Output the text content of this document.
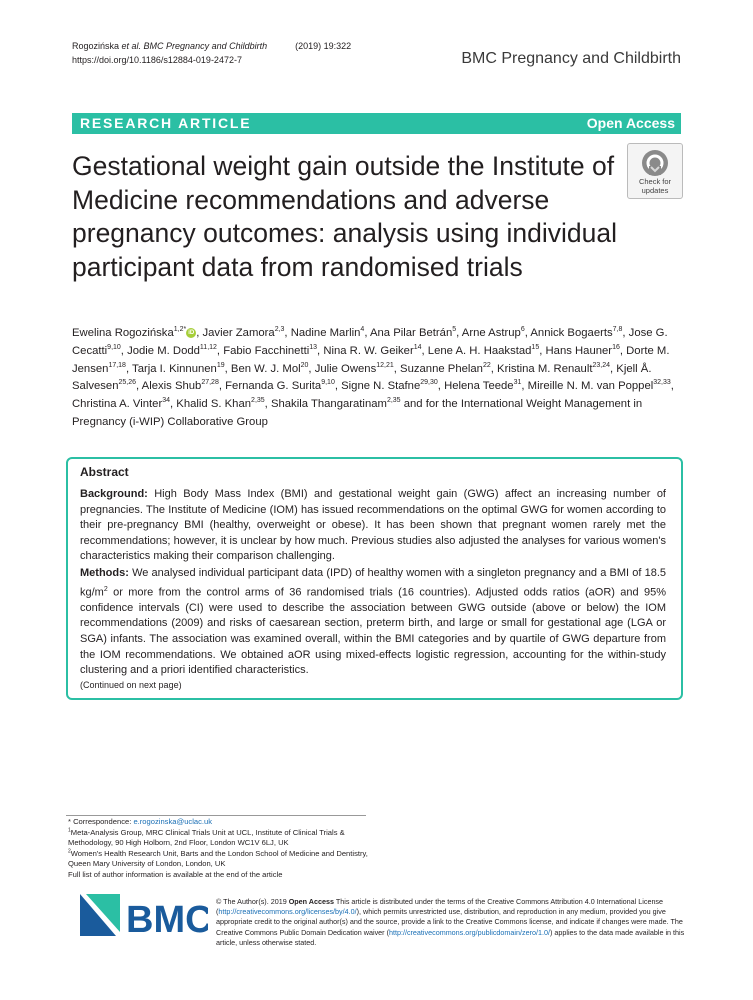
Rogozińska et al. BMC Pregnancy and Childbirth	(2019) 19:322
https://doi.org/10.1186/s12884-019-2472-7	BMC Pregnancy and Childbirth
RESEARCH ARTICLE	Open Access
Gestational weight gain outside the Institute of Medicine recommendations and adverse pregnancy outcomes: analysis using individual participant data from randomised trials
Check for
updates
Ewelina Rogozińska$^{1,2*}$ iD , Javier Zamora$^{2,3}$, Nadine Marlin$^4$, Ana Pilar Betrán$^5$, Arne Astrup$^6$, Annick Bogaerts$^{7,8}$, Jose G. Cecatti$^{9,10}$, Jodie M. Dodd$^{11,12}$, Fabio Facchinetti$^{13}$, Nina R. W. Geiker$^{14}$, Lene A. H. Haakstad$^{15}$, Hans Hauner$^{16}$, Dorte M. Jensen$^{17,18}$, Tarja I. Kinnunen$^{19}$, Ben W. J. Mol$^{20}$, Julie Owens$^{12,21}$, Suzanne Phelan$^{22}$, Kristina M. Renault$^{23,24}$, Kjell Å. Salvesen$^{25,26}$, Alexis Shub$^{27,28}$, Fernanda G. Surita$^{9,10}$, Signe N. Stafne$^{29,30}$, Helena Teede$^{31}$, Mireille N. M. van Poppel$^{32,33}$, Christina A. Vinter$^{34}$, Khalid S. Khan$^{2,35}$, Shakila Thangaratinam$^{2,35}$ and for the International Weight Management in Pregnancy (i-WIP) Collaborative Group
Abstract
Background: High Body Mass Index (BMI) and gestational weight gain (GWG) affect an increasing number of pregnancies. The Institute of Medicine (IOM) has issued recommendations on the optimal GWG for women according to their pre-pregnancy BMI (healthy, overweight or obese). It has been shown that pregnant women rarely met the recommendations; however, it is unclear by how much. Previous studies also adjusted the analyses for various women's characteristics making their comparison challenging.
Methods: We analysed individual participant data (IPD) of healthy women with a singleton pregnancy and a BMI of 18.5 $kg/m^2$ or more from the control arms of 36 randomised trials (16 countries). Adjusted odds ratios (aOR) and 95% confidence intervals (CI) were used to describe the association between GWG outside (above or below) the IOM recommendations (2009) and risks of caesarean section, preterm birth, and large or small for gestational age (LGA or SGA) infants. The association was examined overall, within the BMI categories and by quartile of GWG departure from the IOM recommendations. We obtained aOR using mixed-effects logistic regression, accounting for the within-study clustering and a priori identified characteristics.
(Continued on next page)
* Correspondence: e.rogozinska@uclac.uk
$^1$Meta-Analysis Group, MRC Clinical Trials Unit at UCL, Institute of Clinical Trials & Methodology, 90 High Holborn, 2nd Floor, London WC1V 6LJ, UK
$^2$Women's Health Research Unit, Barts and the London School of Medicine and Dentistry, Queen Mary University of London, London, UK
Full list of author information is available at the end of the article
BMC © The Author(s). 2019 Open Access This article is distributed under the terms of the Creative Commons Attribution 4.0 International License (http://creativecommons.org/licenses/by/4.0/), which permits unrestricted use, distribution, and reproduction in any medium, provided you give appropriate credit to the original author(s) and the source, provide a link to the Creative Commons license, and indicate if changes were made. The Creative Commons Public Domain Dedication waiver (http://creativecommons.org/publicdomain/zero/1.0/) applies to the data made available in this article, unless otherwise stated.
